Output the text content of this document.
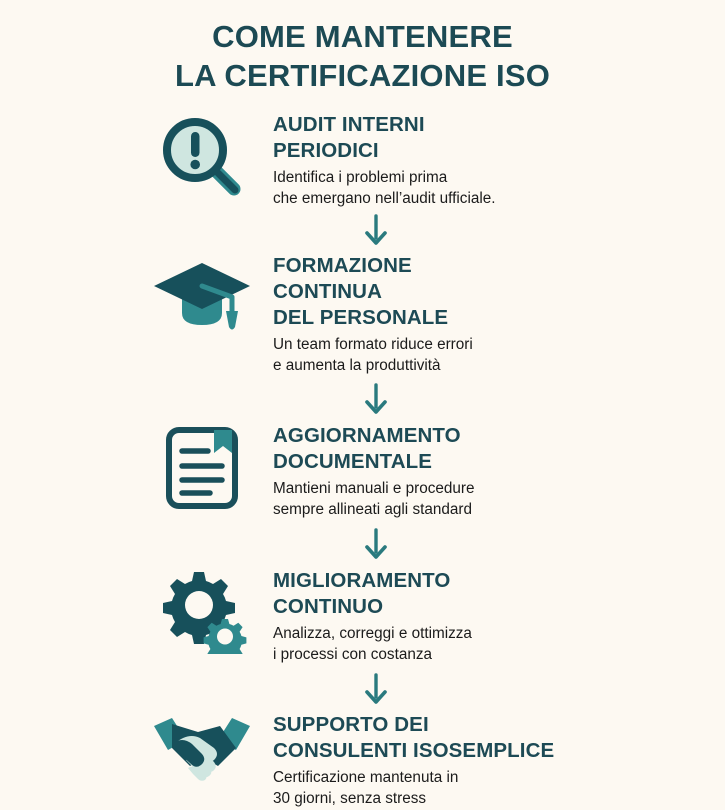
COME MANTENERE
LA CERTIFICAZIONE ISO
AUDIT INTERNI
PERIODICI
Identifica i problemi prima
che emergano nell’audit ufficiale.
FORMAZIONE
CONTINUA
DEL PERSONALE
Un team formato riduce errori
e aumenta la produttività
AGGIORNAMENTO
DOCUMENTALE
Mantieni manuali e procedure
sempre allineati agli standard
MIGLIORAMENTO
CONTINUO
Analizza, correggi e ottimizza
i processi con costanza
SUPPORTO DEI
CONSULENTI ISOSEMPLICE
Certificazione mantenuta in
30 giorni, senza stress
